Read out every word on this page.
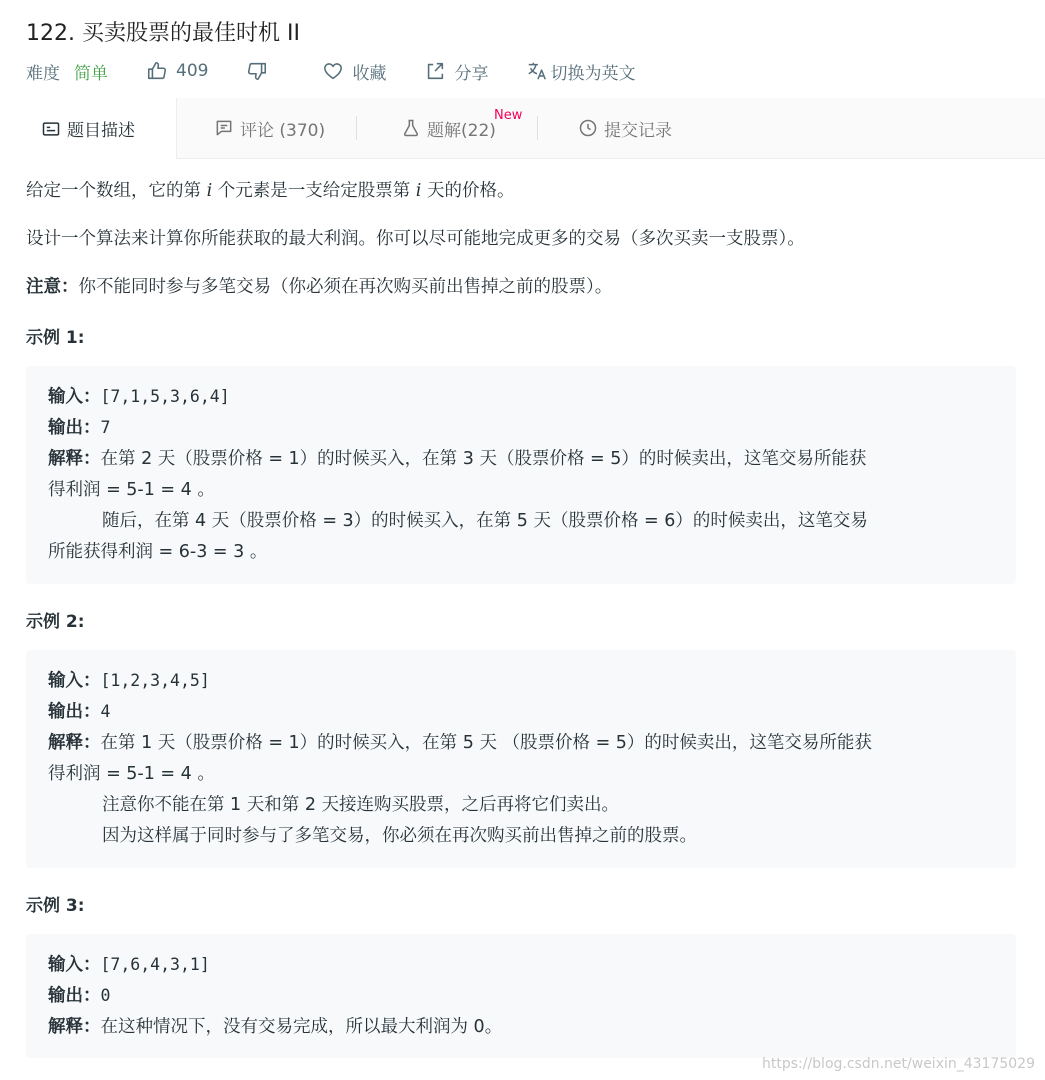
122. 买卖股票的最佳时机 II
难度 简单	409	收藏	分享	切换为英文
题目描述	评论 (370)	题解(22)
New
提交记录

给定一个数组，它的第 i 个元素是一支给定股票第 i 天的价格。

设计一个算法来计算你所能获取的最大利润。你可以尽可能地完成更多的交易（多次买卖一支股票）。

注意：你不能同时参与多笔交易（你必须在再次购买前出售掉之前的股票）。

示例 1:
输入：[7,1,5,3,6,4]
输出：7
解释：在第 2 天（股票价格 = 1）的时候买入，在第 3 天（股票价格 = 5）的时候卖出，这笔交易所能获
得利润 = 5-1 = 4 。
随后，在第 4 天（股票价格 = 3）的时候买入，在第 5 天（股票价格 = 6）的时候卖出，这笔交易
所能获得利润 = 6-3 = 3 。
示例 2:
输入：[1,2,3,4,5]
输出：4
解释：在第 1 天（股票价格 = 1）的时候买入，在第 5 天 （股票价格 = 5）的时候卖出，这笔交易所能获
得利润 = 5-1 = 4 。
注意你不能在第 1 天和第 2 天接连购买股票，之后再将它们卖出。
因为这样属于同时参与了多笔交易，你必须在再次购买前出售掉之前的股票。
示例 3:
输入：[7,6,4,3,1]
输出：0
解释：在这种情况下，没有交易完成，所以最大利润为 0。
https://blog.csdn.net/weixin_43175029
